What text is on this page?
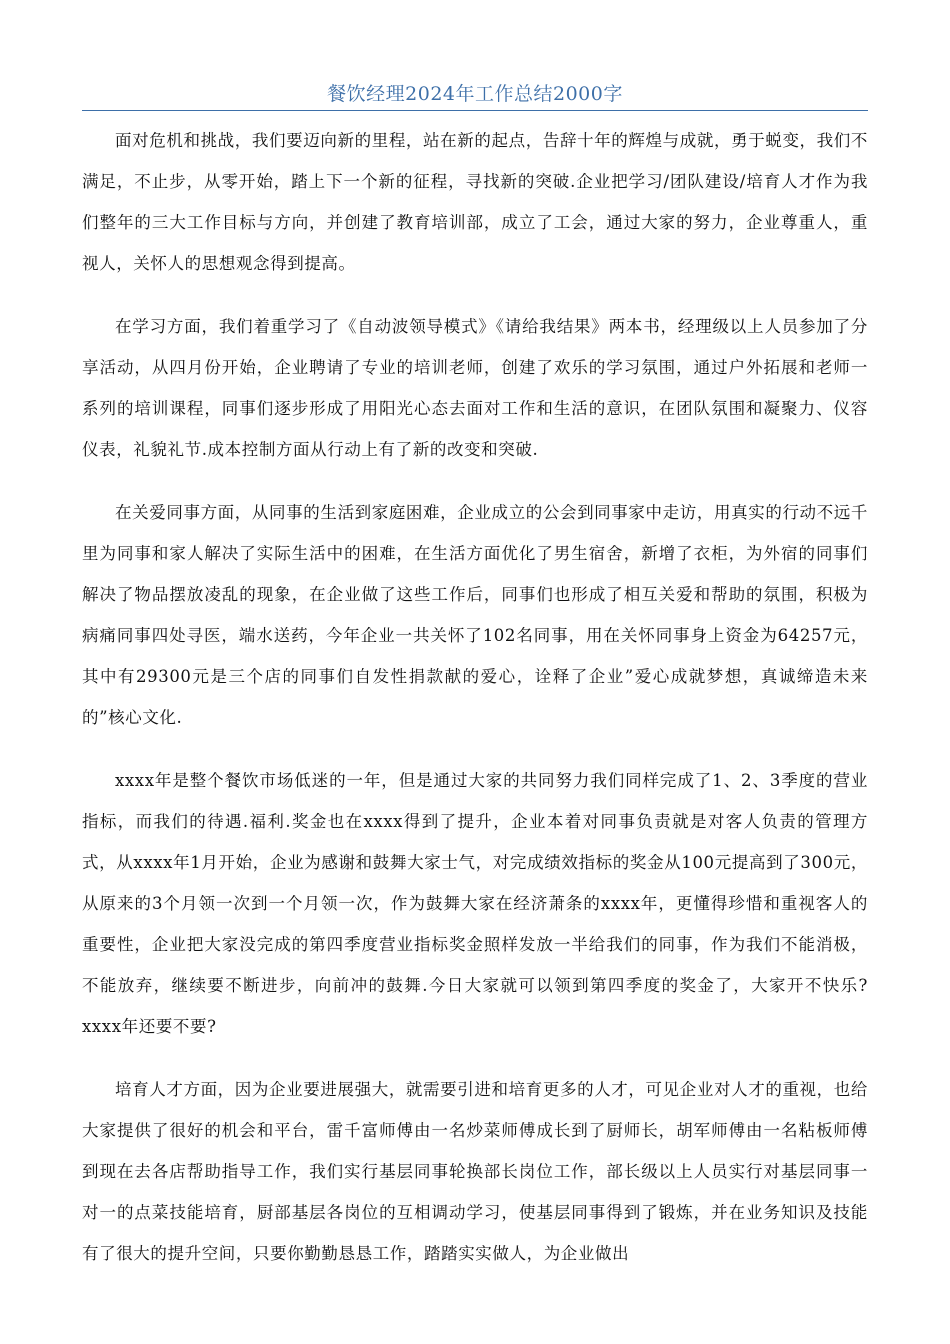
餐饮经理2024年工作总结2000字

面对危机和挑战，我们要迈向新的里程，站在新的起点，告辞十年的辉煌与成就，勇于蜕变，我们不满足，不止步，从零开始，踏上下一个新的征程，寻找新的突破.企业把学习/团队建设/培育人才作为我们整年的三大工作目标与方向，并创建了教育培训部，成立了工会，通过大家的努力，企业尊重人，重视人，关怀人的思想观念得到提高。

在学习方面，我们着重学习了《自动波领导模式》《请给我结果》两本书，经理级以上人员参加了分享活动，从四月份开始，企业聘请了专业的培训老师，创建了欢乐的学习氛围，通过户外拓展和老师一系列的培训课程，同事们逐步形成了用阳光心态去面对工作和生活的意识，在团队氛围和凝聚力、仪容仪表，礼貌礼节.成本控制方面从行动上有了新的改变和突破.

在关爱同事方面，从同事的生活到家庭困难，企业成立的公会到同事家中走访，用真实的行动不远千里为同事和家人解决了实际生活中的困难，在生活方面优化了男生宿舍，新增了衣柜，为外宿的同事们解决了物品摆放凌乱的现象，在企业做了这些工作后，同事们也形成了相互关爱和帮助的氛围，积极为病痛同事四处寻医，端水送药，今年企业一共关怀了102名同事，用在关怀同事身上资金为64257元，其中有29300元是三个店的同事们自发性捐款献的爱心，诠释了企业”爱心成就梦想，真诚缔造未来的”核心文化.

xxxx年是整个餐饮市场低迷的一年，但是通过大家的共同努力我们同样完成了1、2、3季度的营业指标，而我们的待遇.福利.奖金也在xxxx得到了提升，企业本着对同事负责就是对客人负责的管理方式，从xxxx年1月开始，企业为感谢和鼓舞大家士气，对完成绩效指标的奖金从100元提高到了300元，从原来的3个月领一次到一个月领一次，作为鼓舞大家在经济萧条的xxxx年，更懂得珍惜和重视客人的重要性，企业把大家没完成的第四季度营业指标奖金照样发放一半给我们的同事，作为我们不能消极，不能放弃，继续要不断进步，向前冲的鼓舞.今日大家就可以领到第四季度的奖金了，大家开不快乐?xxxx年还要不要?

培育人才方面，因为企业要进展强大，就需要引进和培育更多的人才，可见企业对人才的重视，也给大家提供了很好的机会和平台，雷千富师傅由一名炒菜师傅成长到了厨师长，胡军师傅由一名粘板师傅到现在去各店帮助指导工作，我们实行基层同事轮换部长岗位工作，部长级以上人员实行对基层同事一对一的点菜技能培育，厨部基层各岗位的互相调动学习，使基层同事得到了锻炼，并在业务知识及技能有了很大的提升空间，只要你勤勤恳恳工作，踏踏实实做人，为企业做出
